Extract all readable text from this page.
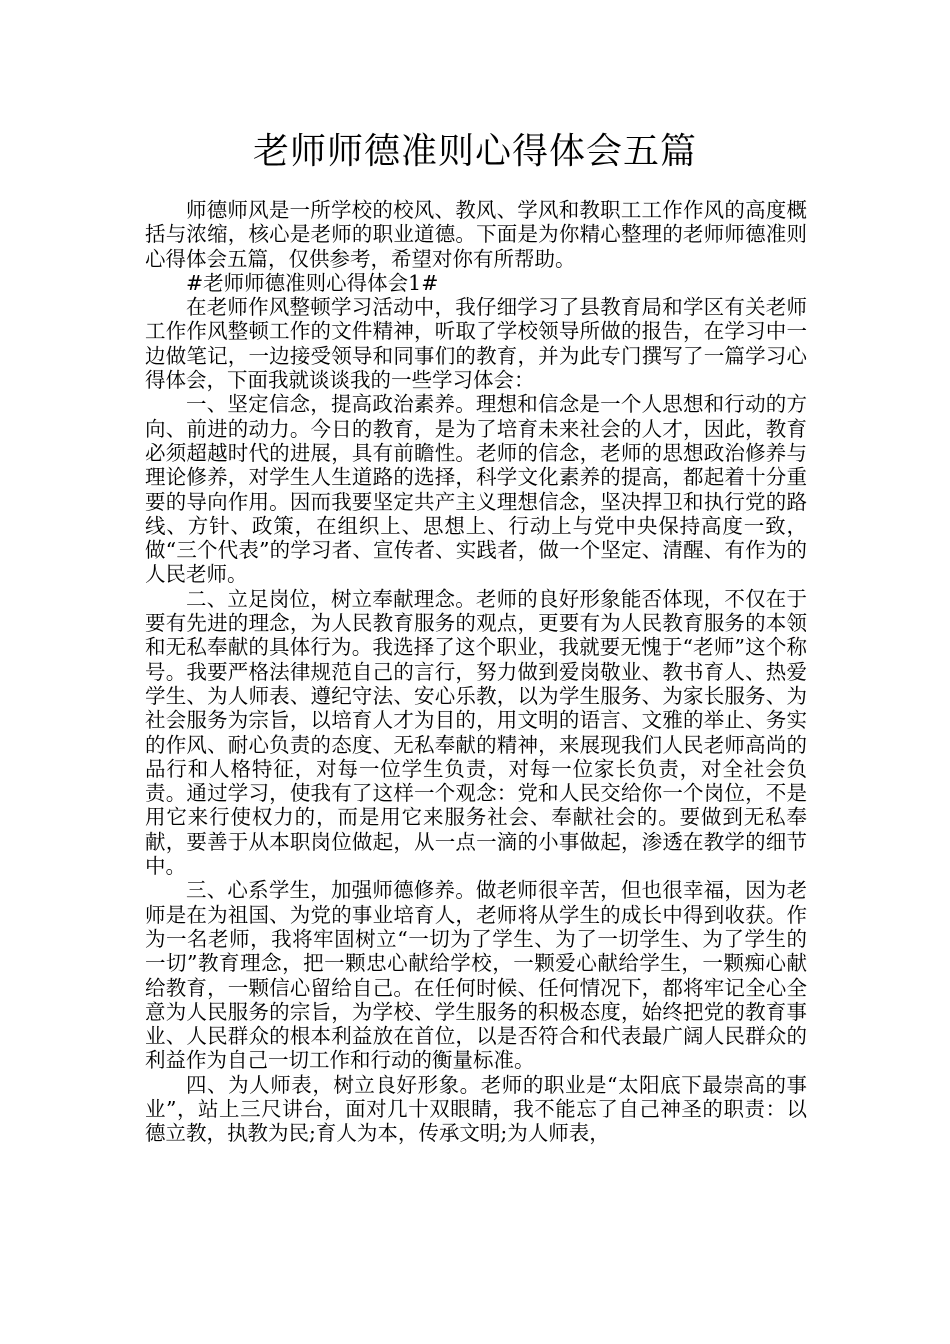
老师师德准则心得体会五篇

师德师风是一所学校的校风、教风、学风和教职工工作作风的高度概括与浓缩，核心是老师的职业道德。下面是为你精心整理的老师师德准则心得体会五篇，仅供参考，希望对你有所帮助。

#老师师德准则心得体会1#

在老师作风整顿学习活动中，我仔细学习了县教育局和学区有关老师工作作风整顿工作的文件精神，听取了学校领导所做的报告，在学习中一边做笔记，一边接受领导和同事们的教育，并为此专门撰写了一篇学习心得体会，下面我就谈谈我的一些学习体会：

一、坚定信念，提高政治素养。理想和信念是一个人思想和行动的方向、前进的动力。今日的教育，是为了培育未来社会的人才，因此，教育必须超越时代的进展，具有前瞻性。老师的信念，老师的思想政治修养与理论修养，对学生人生道路的选择，科学文化素养的提高，都起着十分重要的导向作用。因而我要坚定共产主义理想信念，坚决捍卫和执行党的路线、方针、政策，在组织上、思想上、行动上与党中央保持高度一致，做“三个代表”的学习者、宣传者、实践者，做一个坚定、清醒、有作为的人民老师。

二、立足岗位，树立奉献理念。老师的良好形象能否体现，不仅在于要有先进的理念，为人民教育服务的观点，更要有为人民教育服务的本领和无私奉献的具体行为。我选择了这个职业，我就要无愧于“老师”这个称号。我要严格法律规范自己的言行，努力做到爱岗敬业、教书育人、热爱学生、为人师表、遵纪守法、安心乐教，以为学生服务、为家长服务、为社会服务为宗旨，以培育人才为目的，用文明的语言、文雅的举止、务实的作风、耐心负责的态度、无私奉献的精神，来展现我们人民老师高尚的品行和人格特征，对每一位学生负责，对每一位家长负责，对全社会负责。通过学习，使我有了这样一个观念：党和人民交给你一个岗位，不是用它来行使权力的，而是用它来服务社会、奉献社会的。要做到无私奉献，要善于从本职岗位做起，从一点一滴的小事做起，渗透在教学的细节中。

三、心系学生，加强师德修养。做老师很辛苦，但也很幸福，因为老师是在为祖国、为党的事业培育人，老师将从学生的成长中得到收获。作为一名老师，我将牢固树立“一切为了学生、为了一切学生、为了学生的一切”教育理念，把一颗忠心献给学校，一颗爱心献给学生，一颗痴心献给教育，一颗信心留给自己。在任何时候、任何情况下，都将牢记全心全意为人民服务的宗旨，为学校、学生服务的积极态度，始终把党的教育事业、人民群众的根本利益放在首位，以是否符合和代表最广阔人民群众的利益作为自己一切工作和行动的衡量标准。

四、为人师表，树立良好形象。老师的职业是“太阳底下最崇高的事业”，站上三尺讲台，面对几十双眼睛，我不能忘了自己神圣的职责：以德立教，执教为民;育人为本，传承文明;为人师表，
